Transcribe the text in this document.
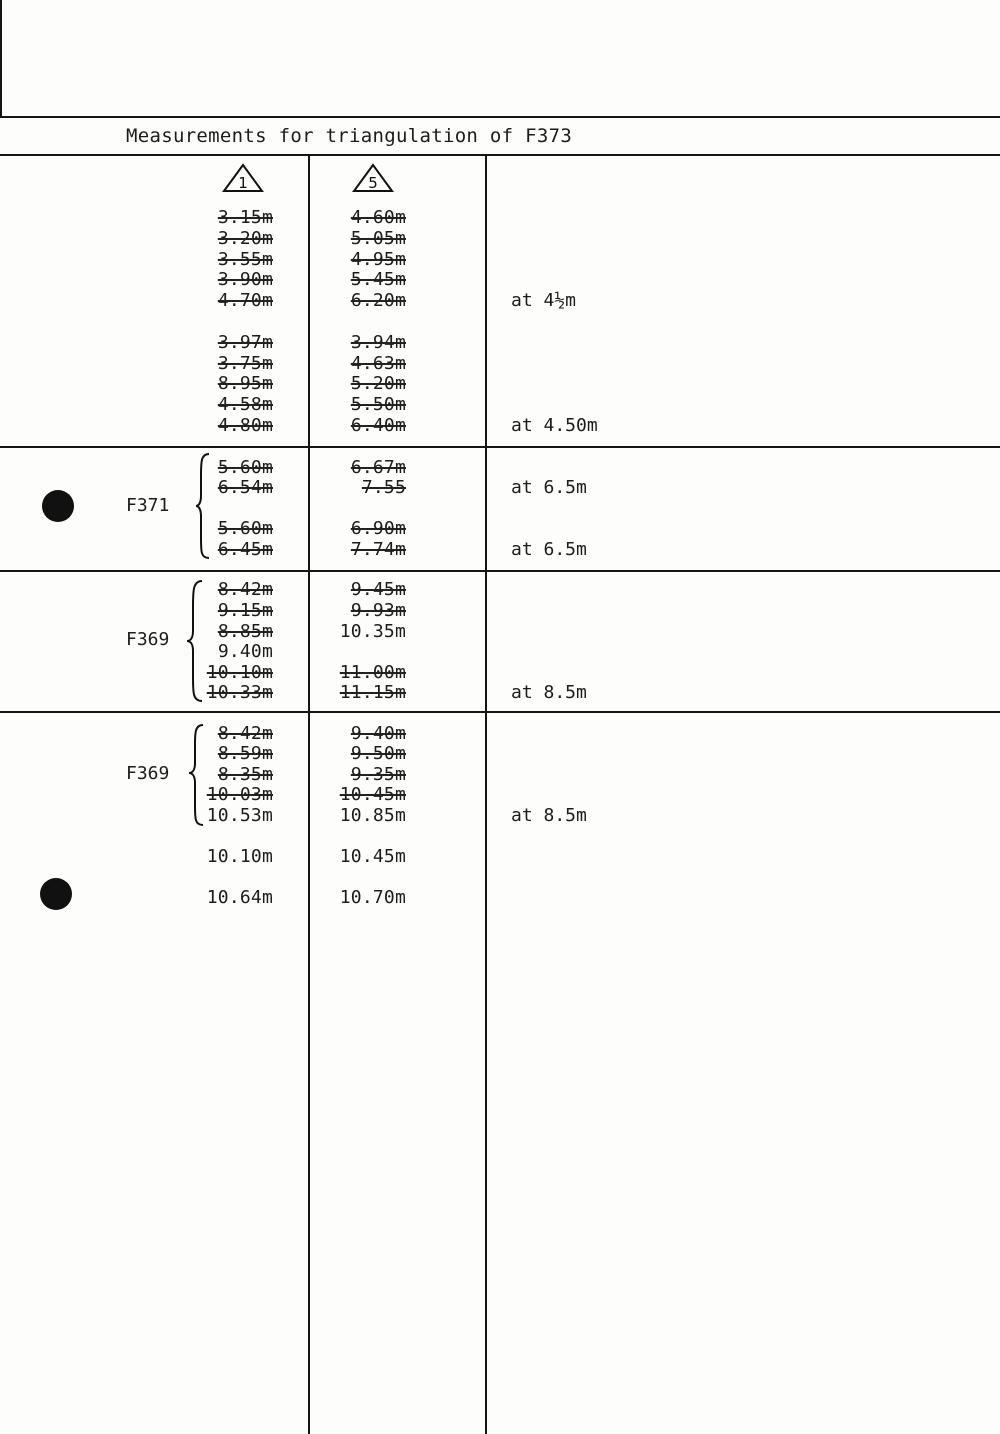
Measurements for triangulation of F373
1	5
3.15m	4.60m
3.20m	5.05m
3.55m	4.95m
3.90m	5.45m
4.70m	6.20m	at 4½m
3.97m	3.94m
3.75m	4.63m
8.95m	5.20m
4.58m	5.50m
4.80m	6.40m	at 4.50m
F371
5.60m	6.67m
6.54m	7.55	at 6.5m
5.60m	6.90m
6.45m	7.74m	at 6.5m
F369
8.42m	9.45m
9.15m	9.93m
8.85m	10.35m
9.40m
10.10m	11.00m
10.33m	11.15m	at 8.5m
F369
8.42m	9.40m
8.59m	9.50m
8.35m	9.35m
10.03m	10.45m
10.53m	10.85m	at 8.5m
10.10m	10.45m
10.64m	10.70m
